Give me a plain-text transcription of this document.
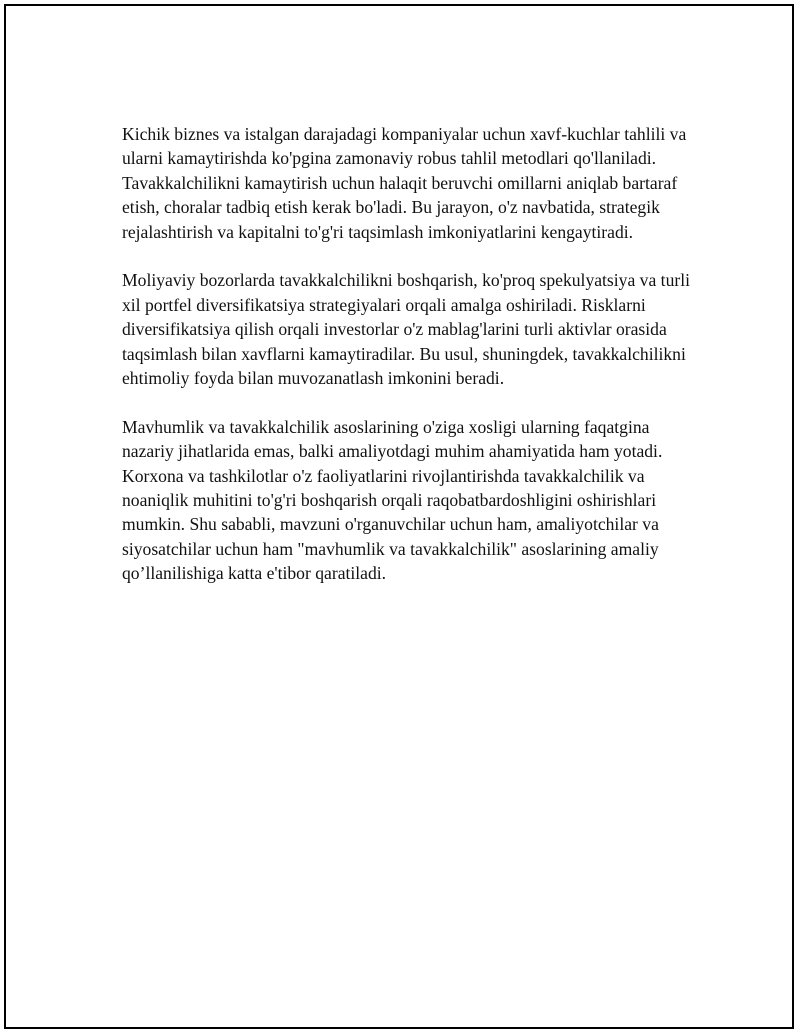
Kichik biznes va istalgan darajadagi kompaniyalar uchun xavf-kuchlar tahlili va ularni kamaytirishda ko'pgina zamonaviy robus tahlil metodlari qo'llaniladi. Tavakkalchilikni kamaytirish uchun halaqit beruvchi omillarni aniqlab bartaraf etish, choralar tadbiq etish kerak bo'ladi. Bu jarayon, o'z navbatida, strategik rejalashtirish va kapitalni to'g'ri taqsimlash imkoniyatlarini kengaytiradi.

Moliyaviy bozorlarda tavakkalchilikni boshqarish, ko'proq spekulyatsiya va turli xil portfel diversifikatsiya strategiyalari orqali amalga oshiriladi. Risklarni diversifikatsiya qilish orqali investorlar o'z mablag'larini turli aktivlar orasida taqsimlash bilan xavflarni kamaytiradilar. Bu usul, shuningdek, tavakkalchilikni ehtimoliy foyda bilan muvozanatlash imkonini beradi.

Mavhumlik va tavakkalchilik asoslarining o'ziga xosligi ularning faqatgina nazariy jihatlarida emas, balki amaliyotdagi muhim ahamiyatida ham yotadi. Korxona va tashkilotlar o'z faoliyatlarini rivojlantirishda tavakkalchilik va noaniqlik muhitini to'g'ri boshqarish orqali raqobatbardoshligini oshirishlari mumkin. Shu sababli, mavzuni o'rganuvchilar uchun ham, amaliyotchilar va siyosatchilar uchun ham "mavhumlik va tavakkalchilik" asoslarining amaliy qo’llanilishiga katta e'tibor qaratiladi.
